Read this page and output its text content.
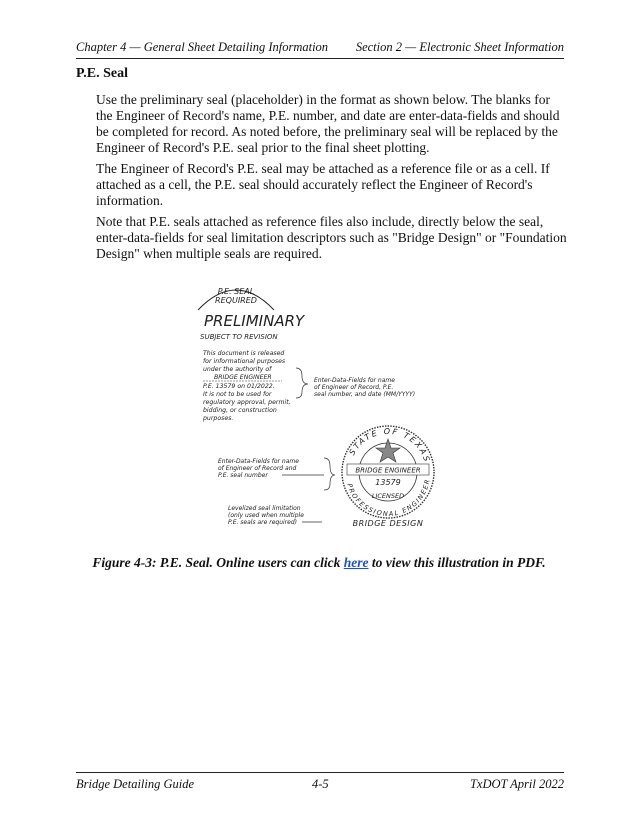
Chapter 4 — General Sheet Detailing Information Section 2 — Electronic Sheet Information
P.E. Seal
Use the preliminary seal (placeholder) in the format as shown below. The blanks for the Engineer of Record's name, P.E. number, and date are enter-data-fields and should be completed for record. As noted before, the preliminary seal will be replaced by the Engineer of Record's P.E. seal prior to the final sheet plotting.
The Engineer of Record's P.E. seal may be attached as a reference file or as a cell. If attached as a cell, the P.E. seal should accurately reflect the Engineer of Record's information.
Note that P.E. seals attached as reference files also include, directly below the seal, enter-data-fields for seal limitation descriptors such as "Bridge Design" or "Foundation Design" when multiple seals are required.
P.E. SEAL
REQUIRED
PRELIMINARY
SUBJECT TO REVISION
This document is released
for informational purposes
under the authority of
BRIDGE ENGINEER
P.E. 13579 on 01/2022.
It is not to be used for
regulatory approval, permit,
bidding, or construction
purposes.
Enter-Data-Fields for name
of Engineer of Record, P.E.
seal number, and date (MM/YYYY)
Enter-Data-Fields for name
of Engineer of Record and
P.E. seal number
Levelized seal limitation
(only used when multiple
P.E. seals are required)
STATE OF TEXAS
PROFESSIONAL ENGINEER
BRIDGE ENGINEER
13579
LICENSED
BRIDGE DESIGN
Figure 4-3: P.E. Seal. Online users can click here to view this illustration in PDF.
Bridge Detailing Guide	4-5	TxDOT April 2022
